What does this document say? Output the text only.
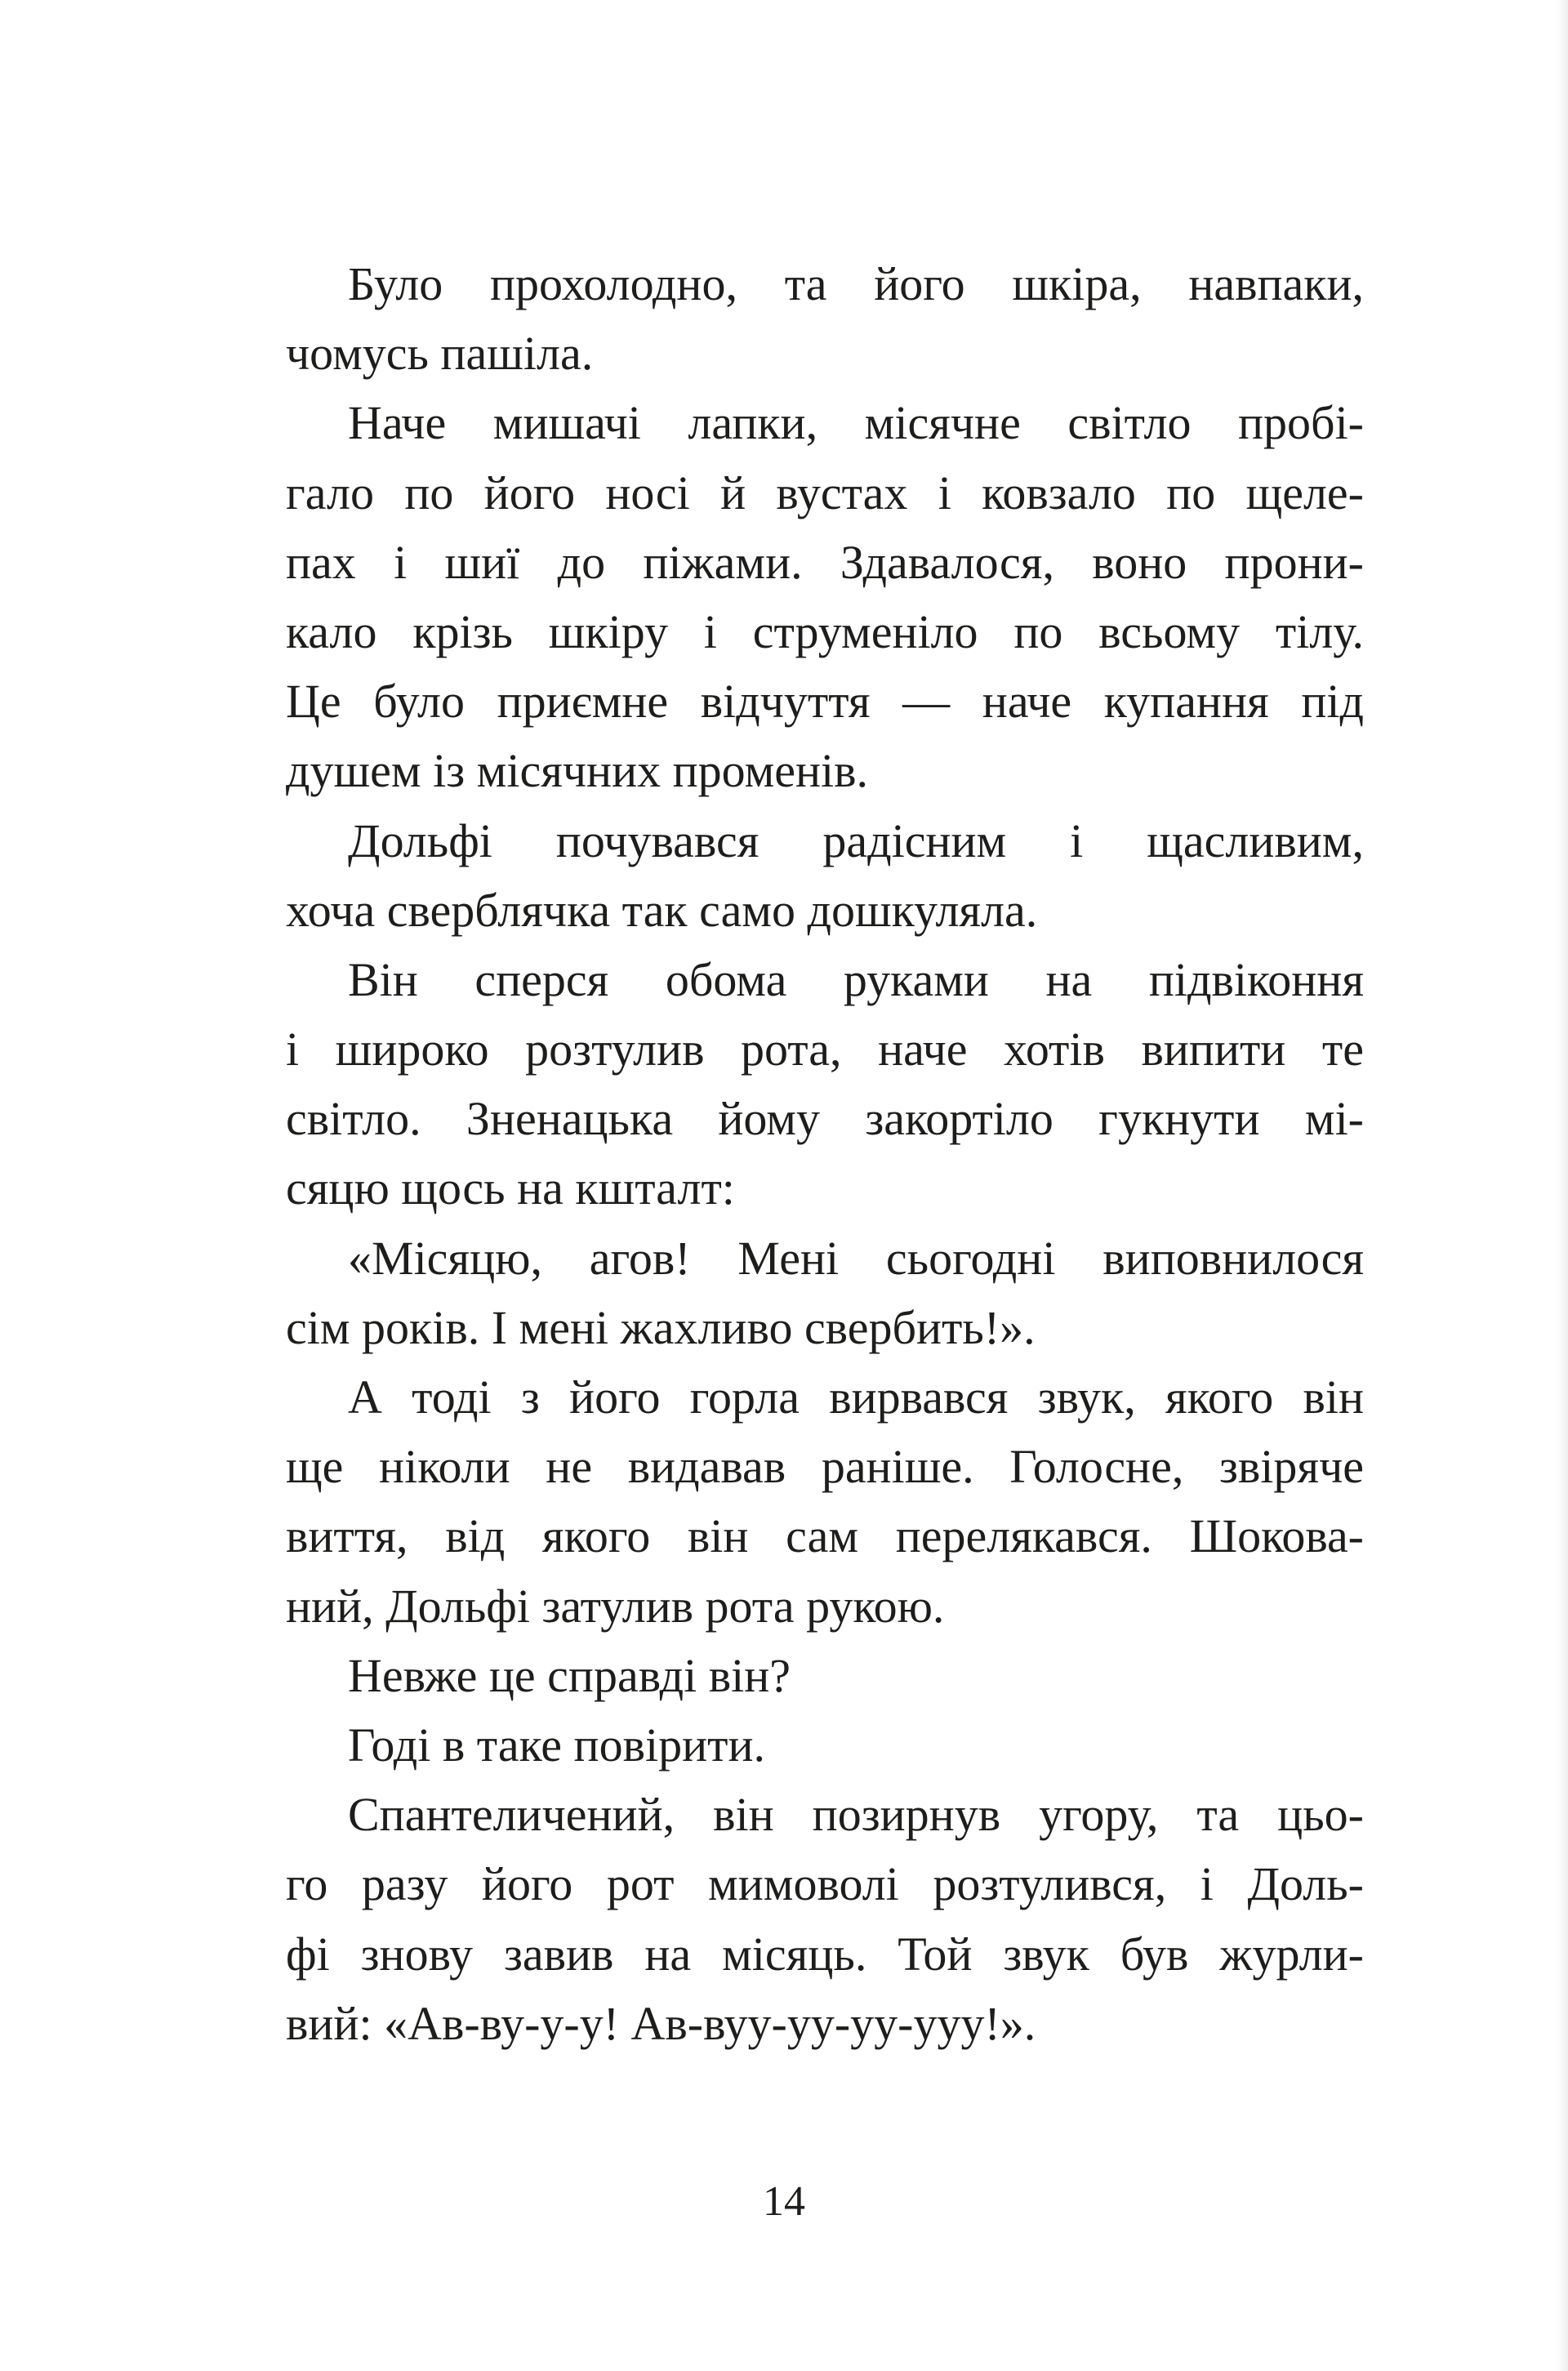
Було прохолодно, та його шкіра, навпаки,
чомусь пашіла.
Наче мишачі лапки, місячне світло пробі-
гало по його носі й вустах і ковзало по щеле-
пах і шиї до піжами. Здавалося, воно прони-
кало крізь шкіру і струменіло по всьому тілу.
Це було приємне відчуття — наче купання під
душем із місячних променів.
Дольфі почувався радісним і щасливим,
хоча сверблячка так само дошкуляла.
Він сперся обома руками на підвіконня
і широко розтулив рота, наче хотів випити те
світло. Зненацька йому закортіло гукнути мі-
сяцю щось на кшталт:
«Місяцю, агов! Мені сьогодні виповнилося
сім років. І мені жахливо свербить!».
А тоді з його горла вирвався звук, якого він
ще ніколи не видавав раніше. Голосне, звіряче
виття, від якого він сам перелякався. Шокова-
ний, Дольфі затулив рота рукою.
Невже це справді він?
Годі в таке повірити.
Спантеличений, він позирнув угору, та цьо-
го разу його рот мимоволі розтулився, і Доль-
фі знову завив на місяць. Той звук був журли-
вий: «Ав-ву-у-у! Ав-вуу-уу-уу-ууу!».
14
